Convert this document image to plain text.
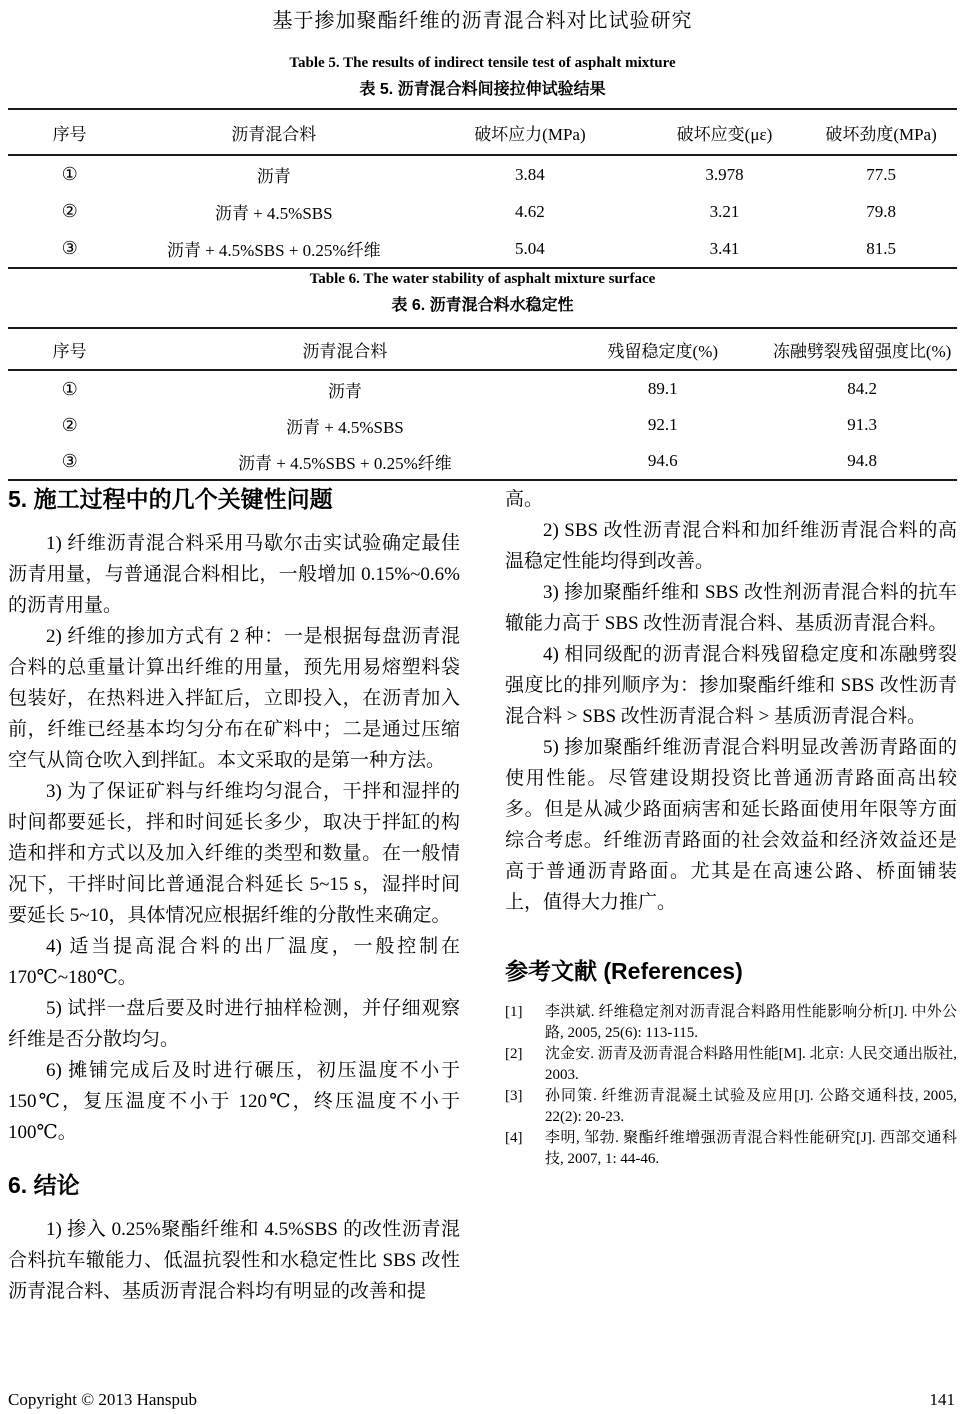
基于掺加聚酯纤维的沥青混合料对比试验研究
Table 5. The results of indirect tensile test of asphalt mixture
表 5. 沥青混合料间接拉伸试验结果
序号	沥青混合料	破坏应力(MPa)	破坏应变(με)	破坏劲度(MPa)
①	沥青	3.84	3.978	77.5
②	沥青 + 4.5%SBS	4.62	3.21	79.8
③	沥青 + 4.5%SBS + 0.25%纤维	5.04	3.41	81.5
Table 6. The water stability of asphalt mixture surface
表 6. 沥青混合料水稳定性
序号	沥青混合料	残留稳定度(%)	冻融劈裂残留强度比(%)
①	沥青	89.1	84.2
②	沥青 + 4.5%SBS	92.1	91.3
③	沥青 + 4.5%SBS + 0.25%纤维	94.6	94.8
5. 施工过程中的几个关键性问题

1) 纤维沥青混合料采用马歇尔击实试验确定最佳沥青用量，与普通混合料相比，一般增加 0.15%~0.6%的沥青用量。

2) 纤维的掺加方式有 2 种：一是根据每盘沥青混合料的总重量计算出纤维的用量，预先用易熔塑料袋包装好，在热料进入拌缸后，立即投入，在沥青加入前，纤维已经基本均匀分布在矿料中；二是通过压缩空气从筒仓吹入到拌缸。本文采取的是第一种方法。

3) 为了保证矿料与纤维均匀混合，干拌和湿拌的时间都要延长，拌和时间延长多少，取决于拌缸的构造和拌和方式以及加入纤维的类型和数量。在一般情况下，干拌时间比普通混合料延长 5~15 s，湿拌时间要延长 5~10，具体情况应根据纤维的分散性来确定。

4) 适当提高混合料的出厂温度，一般控制在 170℃~180℃。

5) 试拌一盘后要及时进行抽样检测，并仔细观察纤维是否分散均匀。

6) 摊铺完成后及时进行碾压，初压温度不小于 150℃，复压温度不小于 120℃，终压温度不小于 100℃。

6. 结论

1) 掺入 0.25%聚酯纤维和 4.5%SBS 的改性沥青混合料抗车辙能力、低温抗裂性和水稳定性比 SBS 改性沥青混合料、基质沥青混合料均有明显的改善和提

高。

2) SBS 改性沥青混合料和加纤维沥青混合料的高温稳定性能均得到改善。

3) 掺加聚酯纤维和 SBS 改性剂沥青混合料的抗车辙能力高于 SBS 改性沥青混合料、基质沥青混合料。

4) 相同级配的沥青混合料残留稳定度和冻融劈裂强度比的排列顺序为：掺加聚酯纤维和 SBS 改性沥青混合料 > SBS 改性沥青混合料 > 基质沥青混合料。

5) 掺加聚酯纤维沥青混合料明显改善沥青路面的使用性能。尽管建设期投资比普通沥青路面高出较多。但是从减少路面病害和延长路面使用年限等方面综合考虑。纤维沥青路面的社会效益和经济效益还是高于普通沥青路面。尤其是在高速公路、桥面铺装上，值得大力推广。

参考文献 (References)
[1]	李洪斌. 纤维稳定剂对沥青混合料路用性能影响分析[J]. 中外公路, 2005, 25(6): 113-115.
[2]	沈金安. 沥青及沥青混合料路用性能[M]. 北京: 人民交通出版社, 2003.
[3]	孙同策. 纤维沥青混凝土试验及应用[J]. 公路交通科技, 2005, 22(2): 20-23.
[4]	李明, 邹勃. 聚酯纤维增强沥青混合料性能研究[J]. 西部交通科技, 2007, 1: 44-46.
Copyright © 2013 Hanspub	141
